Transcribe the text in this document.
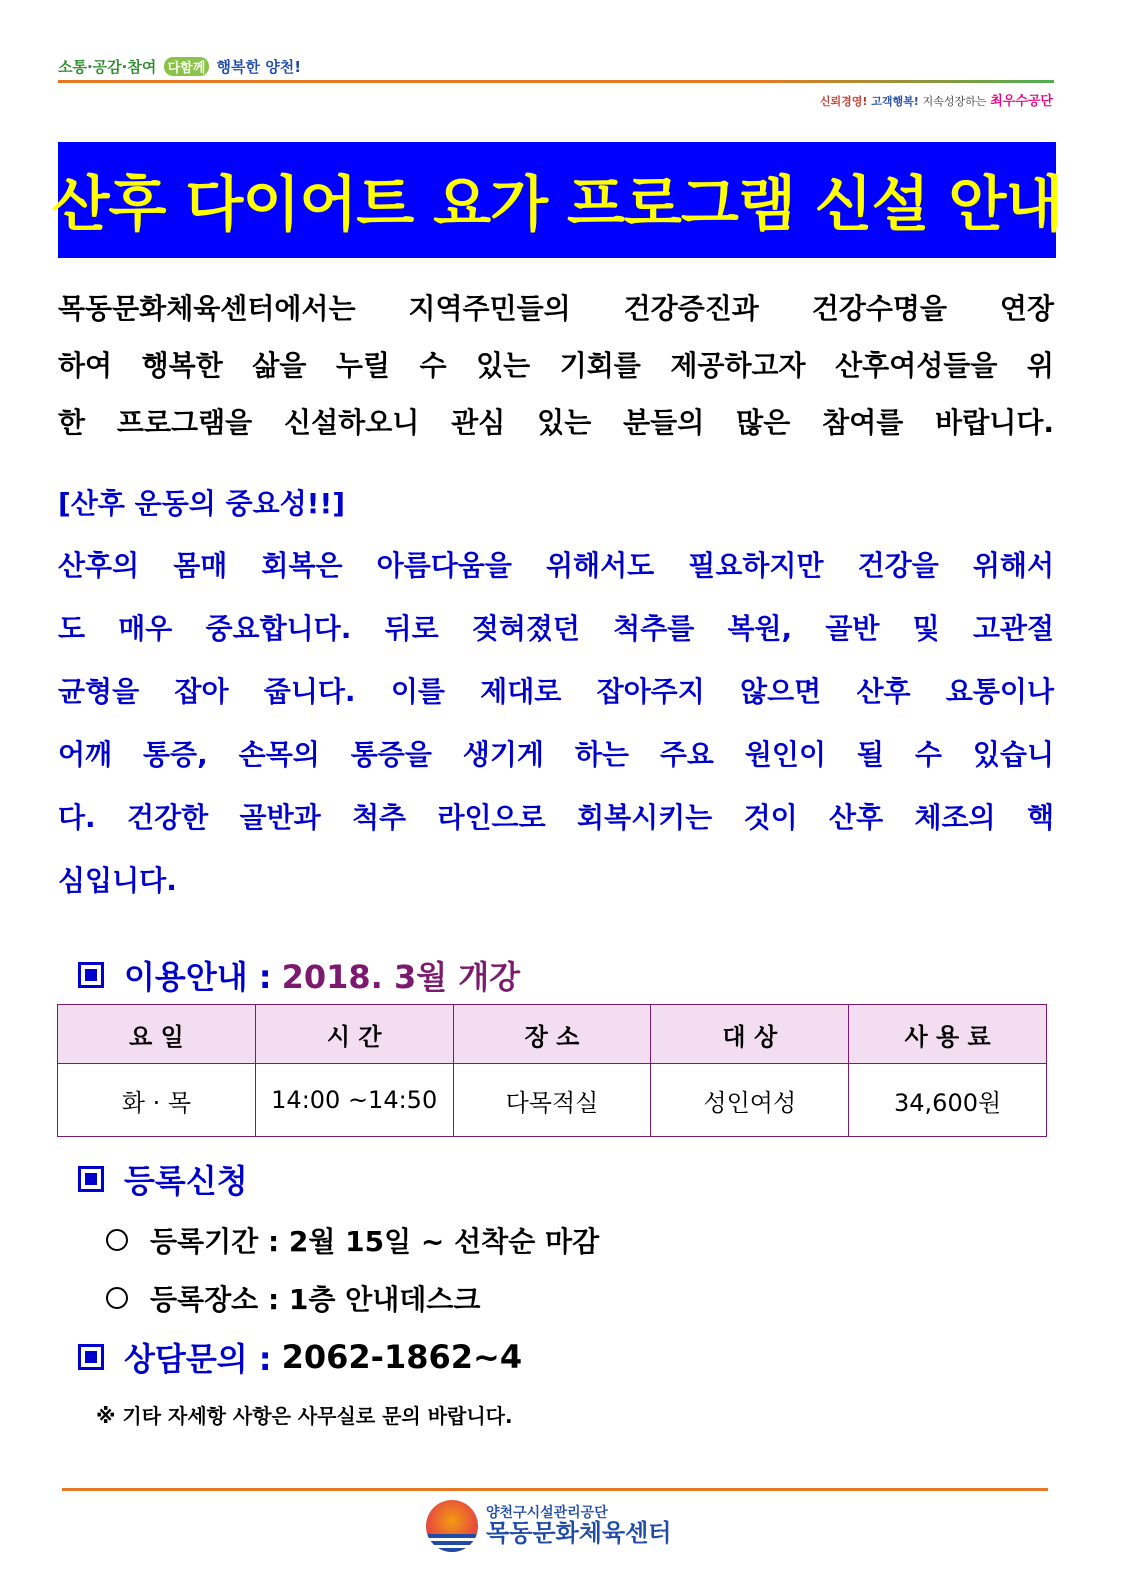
소통·공감·참여 다함께 행복한 양천!
신뢰경영! 고객행복! 지속성장하는 최우수공단
산후 다이어트 요가 프로그램 신설 안내
목동문화체육센터에서는 지역주민들의 건강증진과 건강수명을 연장
하여 행복한 삶을 누릴 수 있는 기회를 제공하고자 산후여성들을 위
한 프로그램을 신설하오니 관심 있는 분들의 많은 참여를 바랍니다.
[산후 운동의 중요성!!]
산후의 몸매 회복은 아름다움을 위해서도 필요하지만 건강을 위해서
도 매우 중요합니다. 뒤로 젖혀졌던 척추를 복원, 골반 및 고관절
균형을 잡아 줍니다. 이를 제대로 잡아주지 않으면 산후 요통이나
어깨 통증, 손목의 통증을 생기게 하는 주요 원인이 될 수 있습니
다. 건강한 골반과 척추 라인으로 회복시키는 것이 산후 체조의 핵
심입니다.
이용안내 : 2018. 3월 개강
요 일	시 간	장 소	대 상	사 용 료
화 · 목	14:00 ~14:50	다목적실	성인여성	34,600원
등록신청
등록기간 : 2월 15일 ~ 선착순 마감
등록장소 : 1층 안내데스크
상담문의 : 2062-1862~4
※ 기타 자세항 사항은 사무실로 문의 바랍니다.
양천구시설관리공단
목동문화체육센터
